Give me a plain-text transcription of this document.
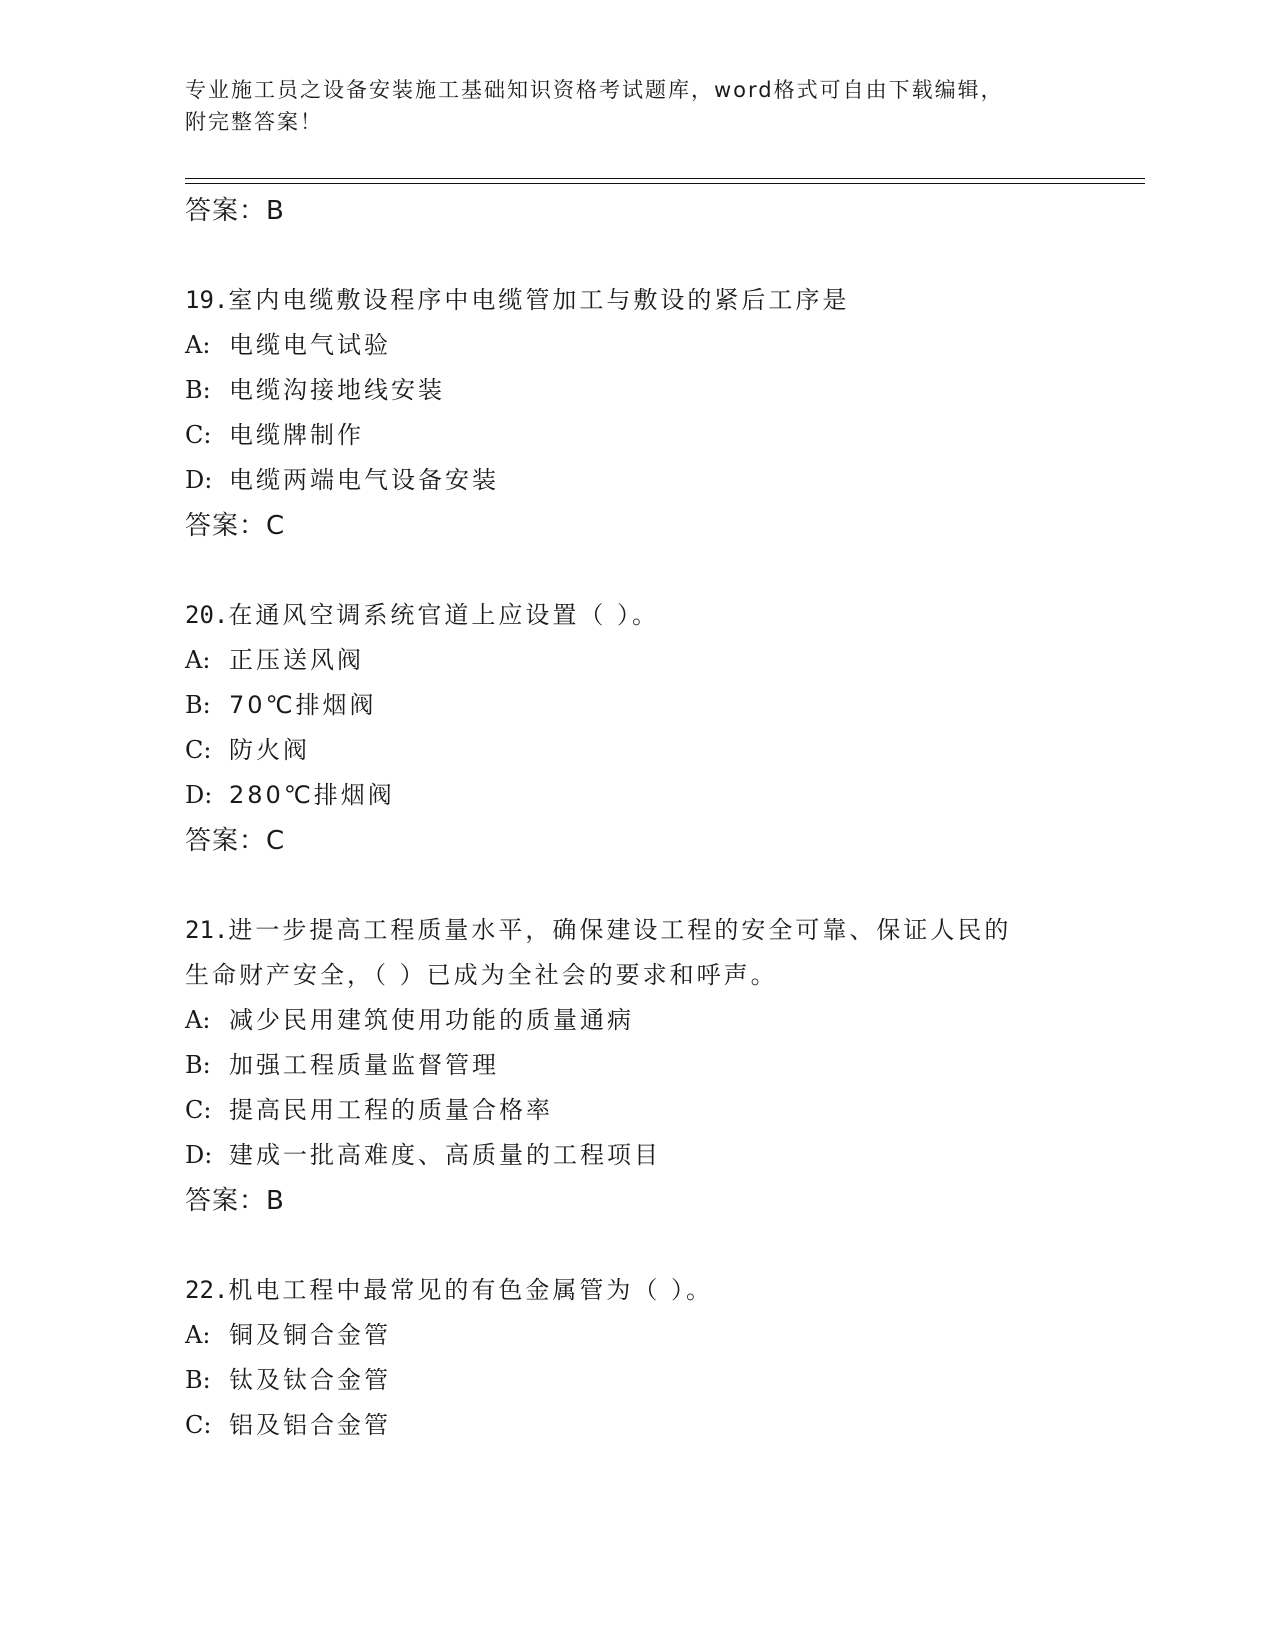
专业施工员之设备安装施工基础知识资格考试题库，word格式可自由下载编辑，
附完整答案！
答案：B
19.室内电缆敷设程序中电缆管加工与敷设的紧后工序是
A: 电缆电气试验
B: 电缆沟接地线安装
C: 电缆牌制作
D: 电缆两端电气设备安装
答案：C
20.在通风空调系统官道上应设置（ ）。
A: 正压送风阀
B: 70℃排烟阀
C: 防火阀
D: 280℃排烟阀
答案：C
21.进一步提高工程质量水平，确保建设工程的安全可靠、保证人民的
生命财产安全，（ ）已成为全社会的要求和呼声。
A: 减少民用建筑使用功能的质量通病
B: 加强工程质量监督管理
C: 提高民用工程的质量合格率
D: 建成一批高难度、高质量的工程项目
答案：B
22.机电工程中最常见的有色金属管为（ ）。
A: 铜及铜合金管
B: 钛及钛合金管
C: 铝及铝合金管
